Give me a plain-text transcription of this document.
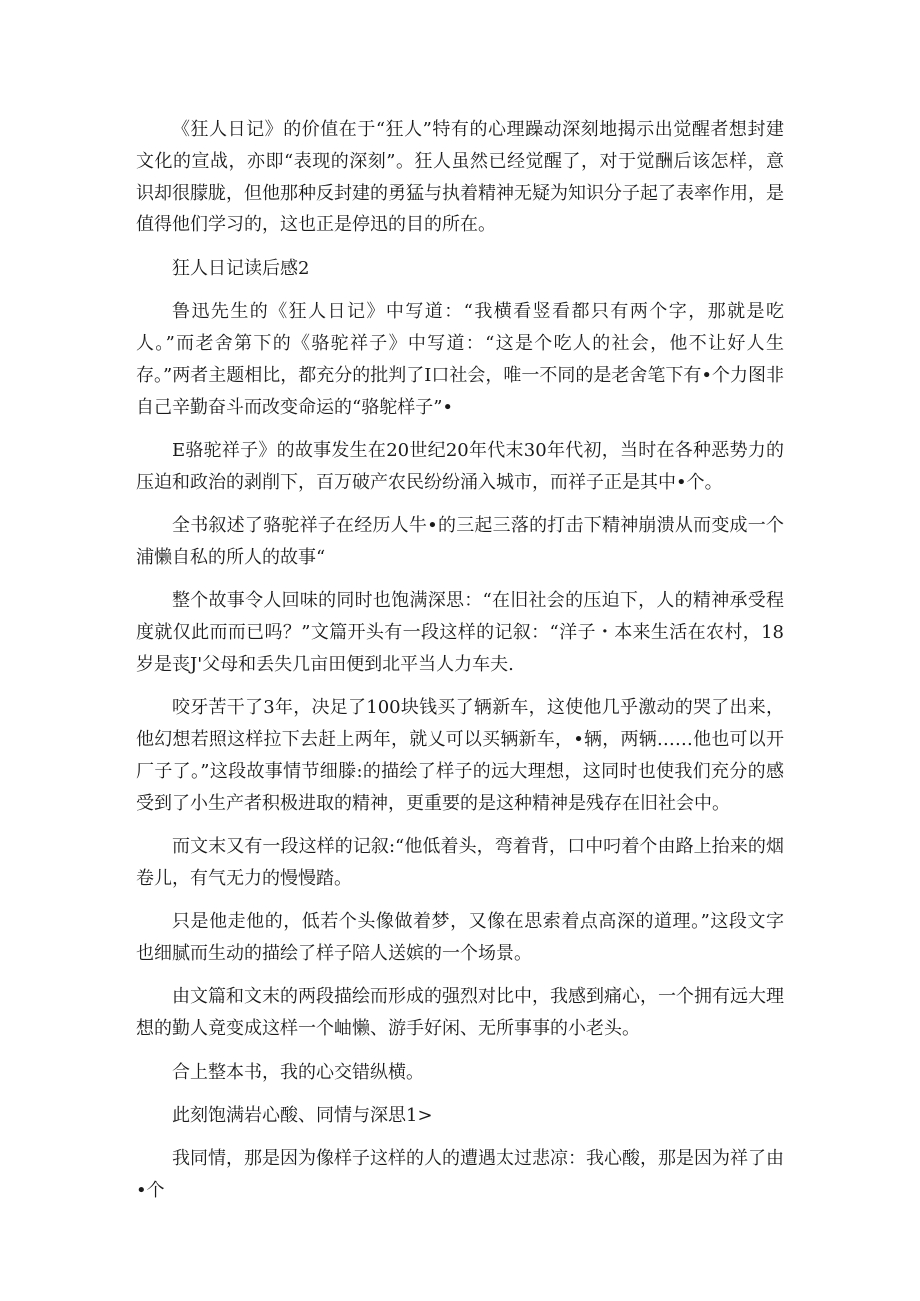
《狂人日记》的价值在于“狂人”特有的心理躁动深刻地揭示出觉醒者想封建文化的宣战，亦即“表现的深刻”。狂人虽然已经觉醒了，对于觉酬后该怎样，意识却很朦胧，但他那种反封建的勇猛与执着精神无疑为知识分子起了表率作用，是值得他们学习的，这也正是停迅的目的所在。

狂人日记读后感2

鲁迅先生的《狂人日记》中写道：“我横看竖看都只有两个字，那就是吃人。”而老舍第下的《骆驼祥子》中写道：“这是个吃人的社会，他不让好人生存。”两者主题相比，都充分的批判了I口社会，唯一不同的是老舍笔下有•个力图非自己辛勤奋斗而改变命运的“骆鸵样子”•

E骆驼祥子》的故事发生在20世纪20年代末30年代初，当时在各种恶势力的压迫和政治的剥削下，百万破产农民纷纷涌入城市，而祥子正是其中•个。

全书叙述了骆驼祥子在经历人牛•的三起三落的打击下精神崩溃从而变成一个浦懒自私的所人的故事“

整个故事令人回味的同时也饱满深思：“在旧社会的压迫下，人的精神承受程度就仅此而而已吗？”文篇开头有一段这样的记叙：“洋子・本来生活在农村，18岁是丧J'父母和丢失几亩田便到北平当人力车夫.

咬牙苦干了3年，决足了100块钱买了辆新车，这使他几乎激动的哭了出来，他幻想若照这样拉下去赶上两年，就乂可以买辆新车，•辆，两辆……他也可以开厂子了。”这段故事情节细滕:的描绘了样子的远大理想，这同时也使我们充分的感受到了小生产者积极进取的精神，更重要的是这种精神是残存在旧社会中。

而文末又有一段这样的记叙:“他低着头，弯着背，口中叼着个由路上抬来的烟卷儿，有气无力的慢慢踏。

只是他走他的，低若个头像做着梦，又像在思索着点高深的道理。”这段文字也细腻而生动的描绘了样子陪人送嫔的一个场景。

由文篇和文末的两段描绘而形成的强烈对比中，我感到痛心，一个拥有远大理想的勤人竟变成这样一个岫懒、游手好闲、无所事事的小老头。

合上整本书，我的心交错纵横。

此刻饱满岩心酸、同情与深思1>

我同情，那是因为像样子这样的人的遭遇太过悲凉：我心酸，那是因为祥了由•个
